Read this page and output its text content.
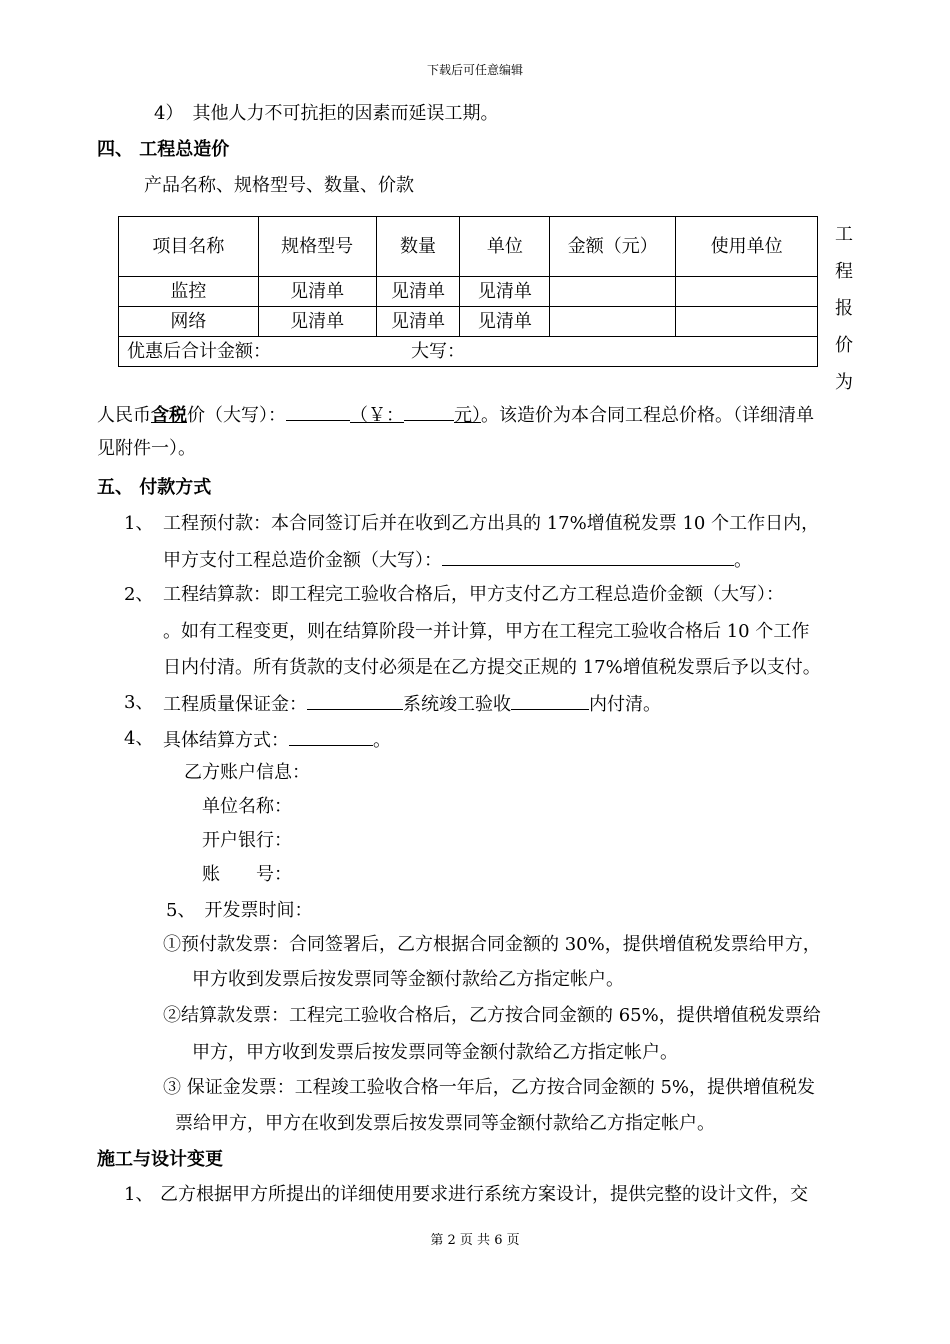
下载后可任意编辑
4）　其他人力不可抗拒的因素而延误工期。
四、 工程总造价
产品名称、规格型号、数量、价款
项目名称	规格型号	数量	单位	金额（元）	使用单位
监控	见清单	见清单	见清单		
网络	见清单	见清单	见清单		
优惠后合计金额： 大写：					
工
程
报
价
为
人民币含税价（大写）：	（￥：	元）。该造价为本合同工程总价格。（详细清单
见附件一）。
五、 付款方式
1、 工程预付款：本合同签订后并在收到乙方出具的 17%增值税发票 10 个工作日内，
甲方支付工程总造价金额（大写）：	。
2、 工程结算款：即工程完工验收合格后，甲方支付乙方工程总造价金额（大写）：
。如有工程变更，则在结算阶段一并计算，甲方在工程完工验收合格后 10 个工作
日内付清。所有货款的支付必须是在乙方提交正规的 17%增值税发票后予以支付。
3、 工程质量保证金：	系统竣工验收	内付清。
4、 具体结算方式：	。
乙方账户信息：
单位名称：
开户银行：
账　　号：
5、　开发票时间：
①预付款发票：合同签署后，乙方根据合同金额的 30%，提供增值税发票给甲方，
甲方收到发票后按发票同等金额付款给乙方指定帐户。
②结算款发票：工程完工验收合格后，乙方按合同金额的 65%，提供增值税发票给
甲方，甲方收到发票后按发票同等金额付款给乙方指定帐户。
③ 保证金发票：工程竣工验收合格一年后，乙方按合同金额的 5%，提供增值税发
票给甲方，甲方在收到发票后按发票同等金额付款给乙方指定帐户。
施工与设计变更
1、 乙方根据甲方所提出的详细使用要求进行系统方案设计，提供完整的设计文件，交
第 2 页 共 6 页
